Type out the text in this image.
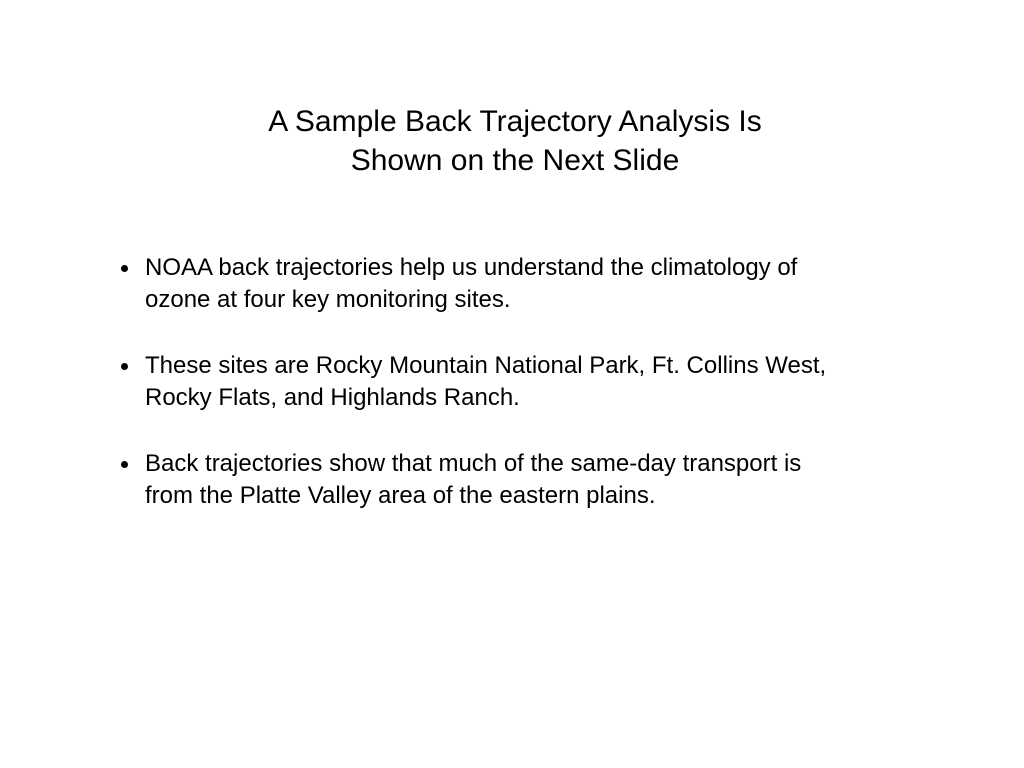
A Sample Back Trajectory Analysis Is
Shown on the Next Slide
NOAA back trajectories help us understand the climatology of
ozone at four key monitoring sites.
These sites are Rocky Mountain National Park, Ft. Collins West,
Rocky Flats, and Highlands Ranch.
Back trajectories show that much of the same-day transport is
from the Platte Valley area of the eastern plains.
